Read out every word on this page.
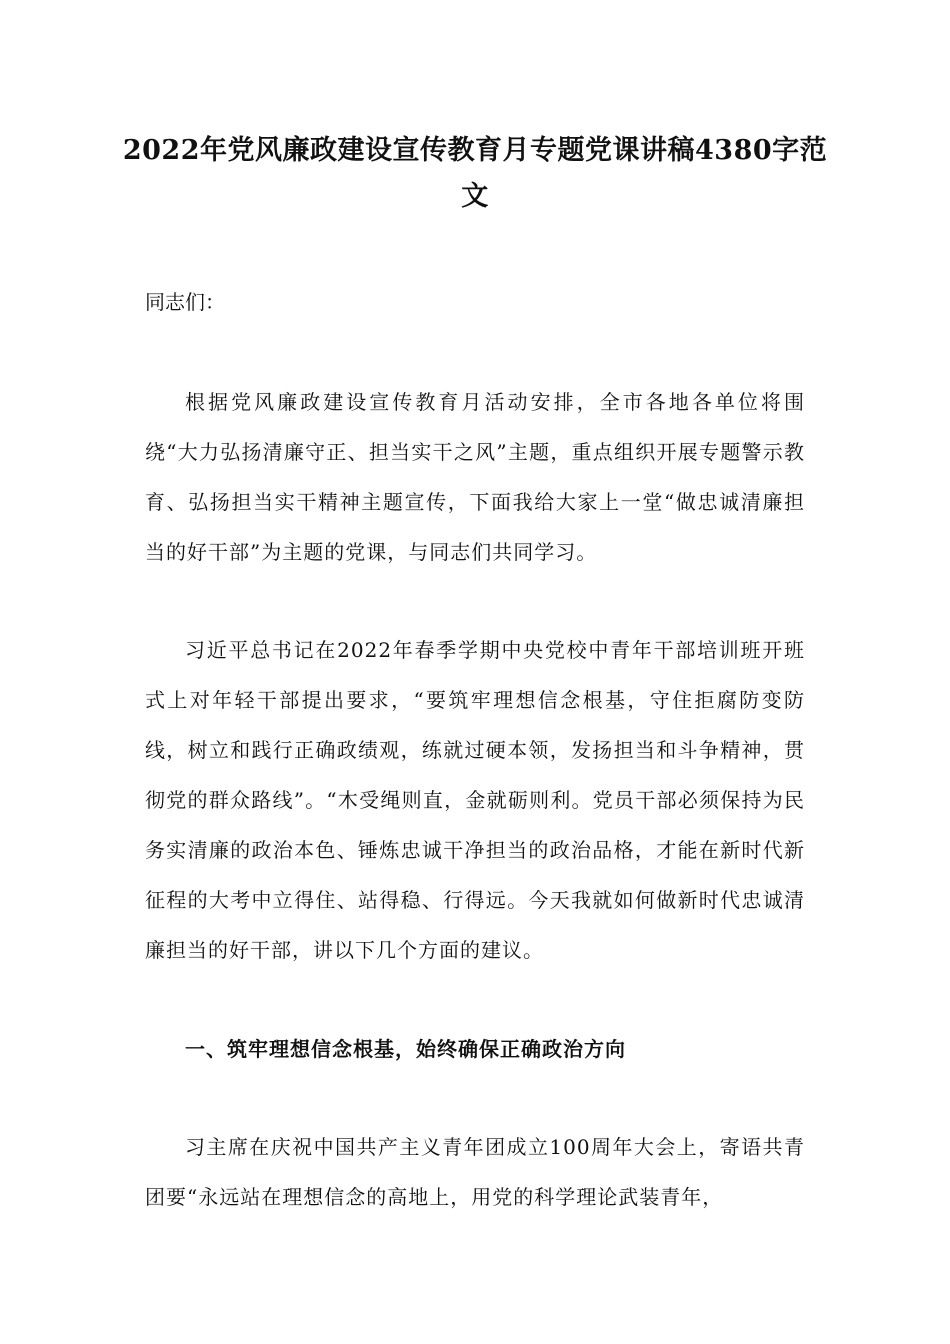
2022年党风廉政建设宣传教育月专题党课讲稿4380字范文
同志们：

根据党风廉政建设宣传教育月活动安排，全市各地各单位将围绕“大力弘扬清廉守正、担当实干之风”主题，重点组织开展专题警示教育、弘扬担当实干精神主题宣传，下面我给大家上一堂“做忠诚清廉担当的好干部”为主题的党课，与同志们共同学习。

习近平总书记在2022年春季学期中央党校中青年干部培训班开班式上对年轻干部提出要求，“要筑牢理想信念根基，守住拒腐防变防线，树立和践行正确政绩观，练就过硬本领，发扬担当和斗争精神，贯彻党的群众路线”。“木受绳则直，金就砺则利。党员干部必须保持为民务实清廉的政治本色、锤炼忠诚干净担当的政治品格，才能在新时代新征程的大考中立得住、站得稳、行得远。今天我就如何做新时代忠诚清廉担当的好干部，讲以下几个方面的建议。

一、筑牢理想信念根基，始终确保正确政治方向

习主席在庆祝中国共产主义青年团成立100周年大会上，寄语共青团要“永远站在理想信念的高地上，用党的科学理论武装青年，
